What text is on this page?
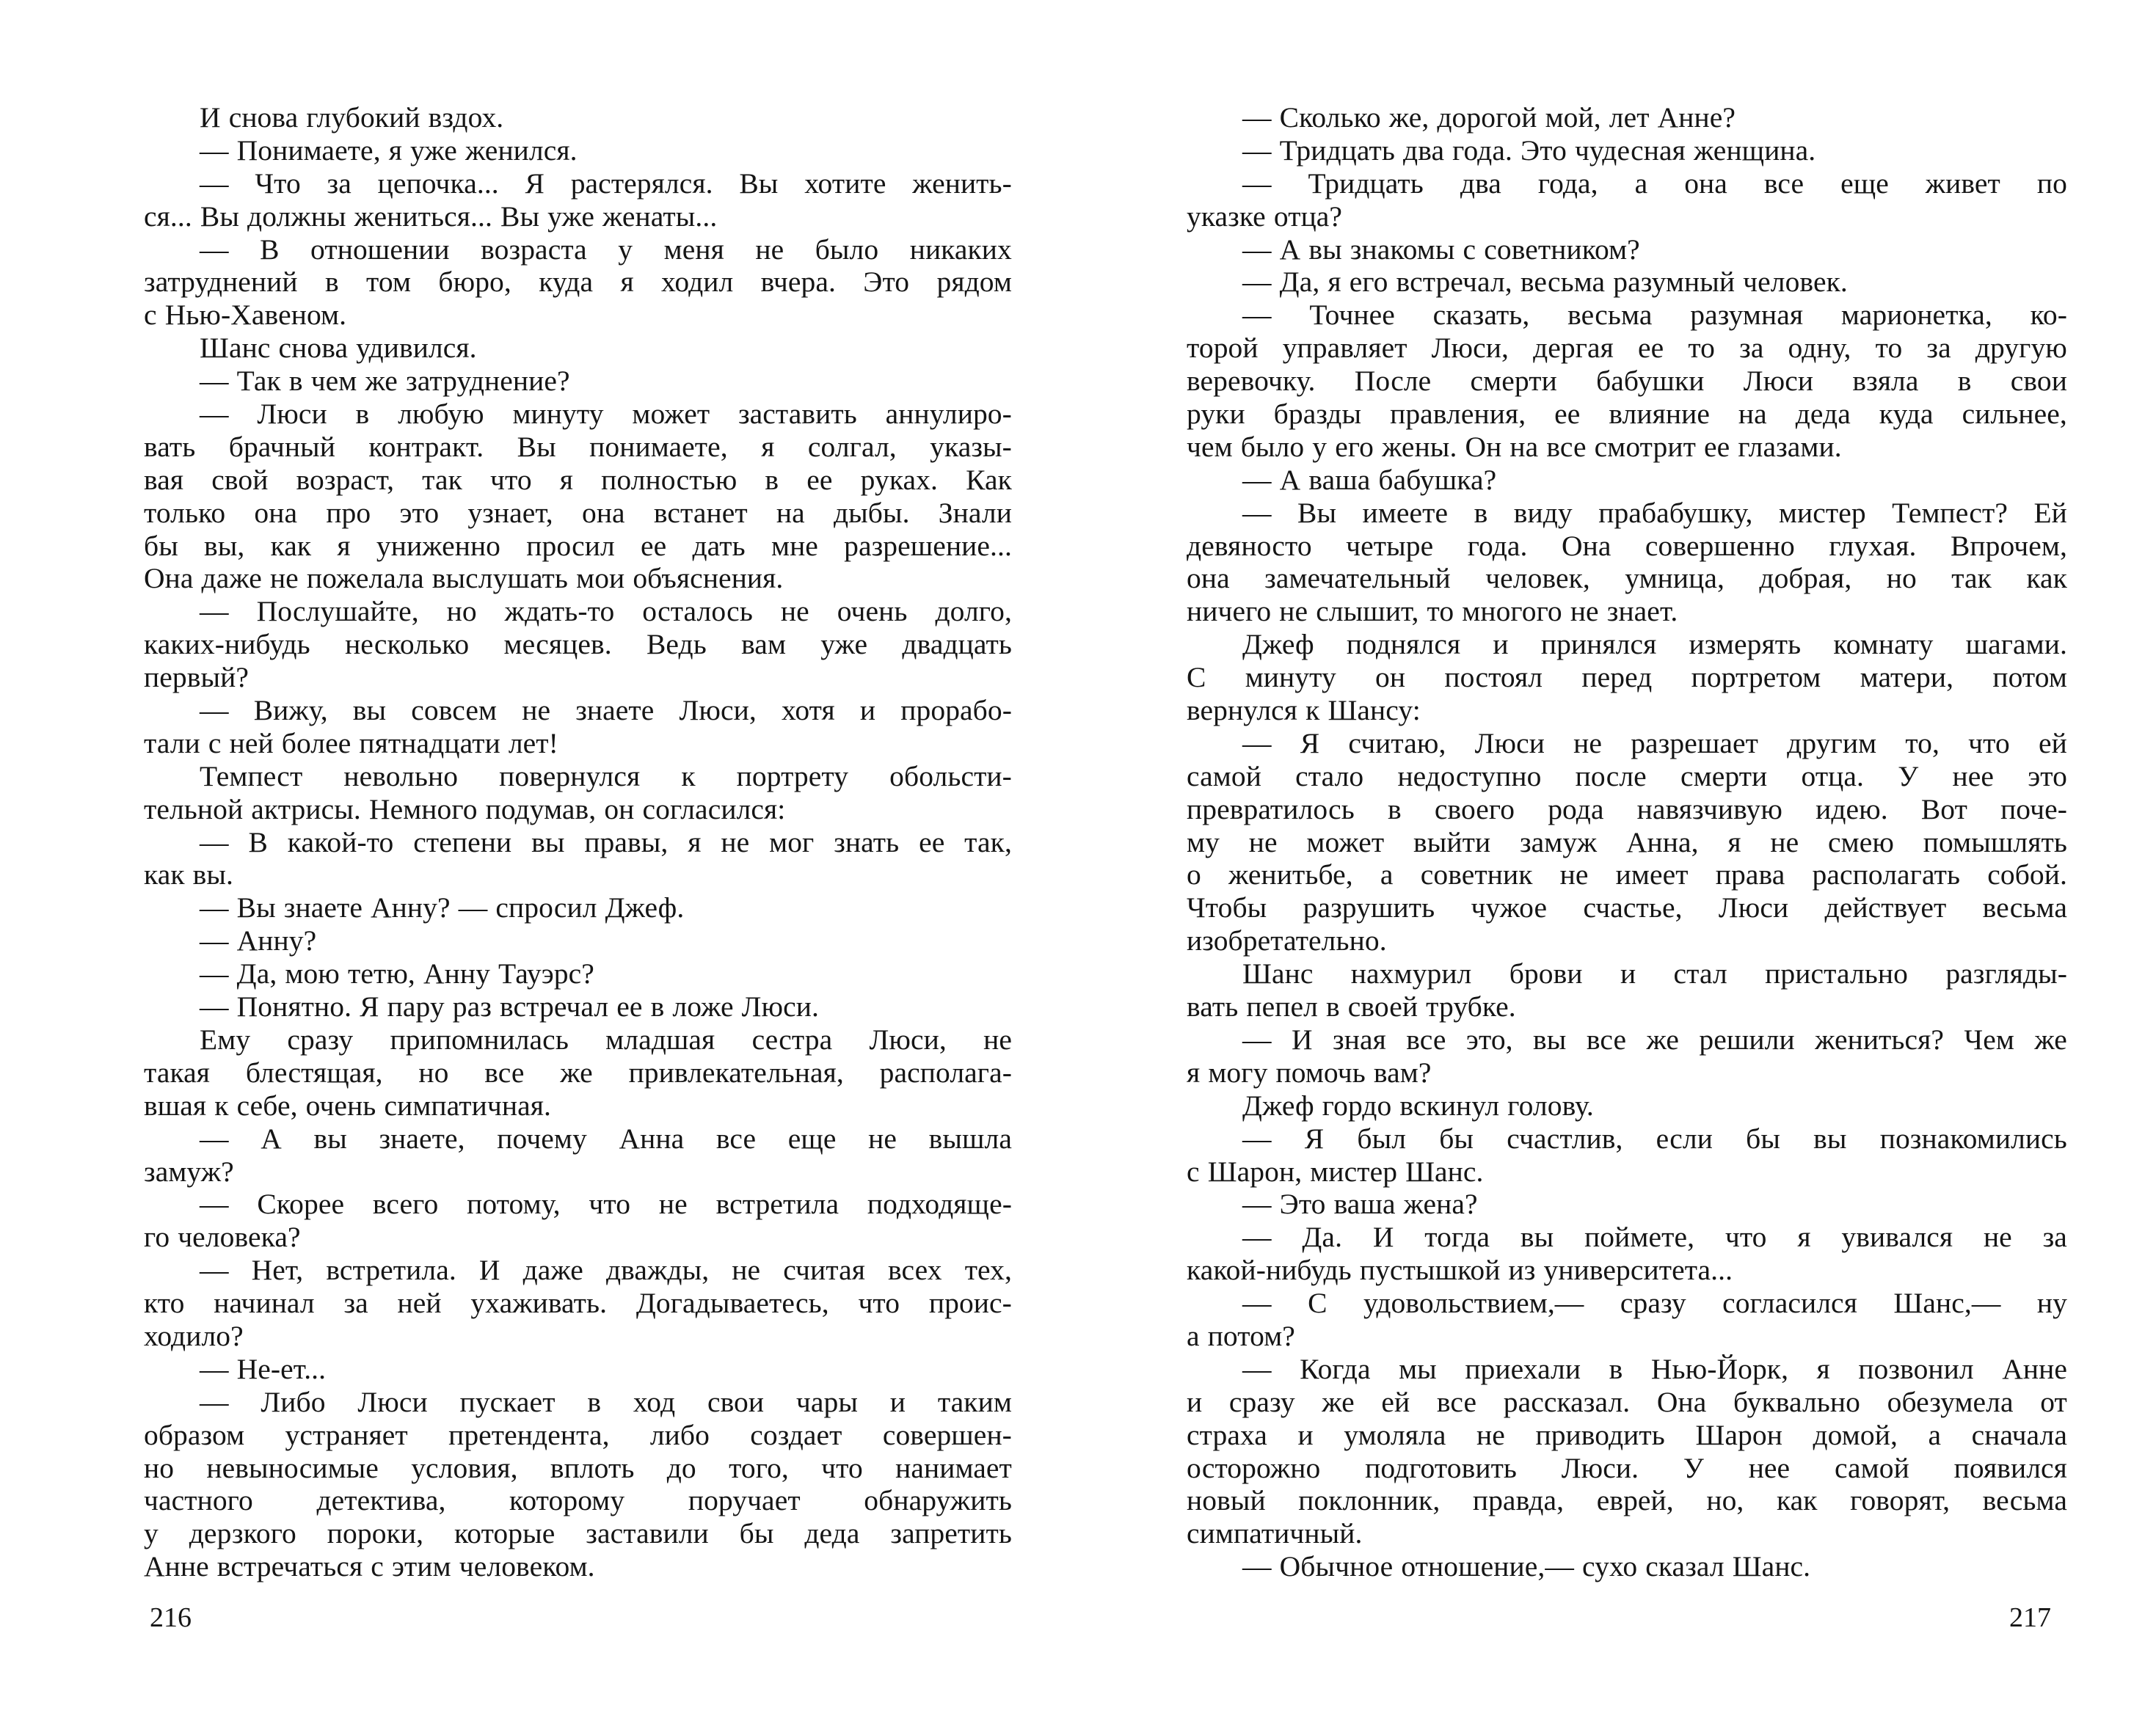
И снова глубокий вздох.
— Понимаете, я уже женился.
— Что за цепочка... Я растерялся. Вы хотите женить-
ся... Вы должны жениться... Вы уже женаты...
— В отношении возраста у меня не было никаких
затруднений в том бюро, куда я ходил вчера. Это рядом
с Нью-Хавеном.
Шанс снова удивился.
— Так в чем же затруднение?
— Люси в любую минуту может заставить аннулиро-
вать брачный контракт. Вы понимаете, я солгал, указы-
вая свой возраст, так что я полностью в ее руках. Как
только она про это узнает, она встанет на дыбы. Знали
бы вы, как я униженно просил ее дать мне разрешение...
Она даже не пожелала выслушать мои объяснения.
— Послушайте, но ждать-то осталось не очень долго,
каких-нибудь несколько месяцев. Ведь вам уже двадцать
первый?
— Вижу, вы совсем не знаете Люси, хотя и прорабо-
тали с ней более пятнадцати лет!
Темпест невольно повернулся к портрету обольсти-
тельной актрисы. Немного подумав, он согласился:
— В какой-то степени вы правы, я не мог знать ее так,
как вы.
— Вы знаете Анну? — спросил Джеф.
— Анну?
— Да, мою тетю, Анну Тауэрс?
— Понятно. Я пару раз встречал ее в ложе Люси.
Ему сразу припомнилась младшая сестра Люси, не
такая блестящая, но все же привлекательная, располага-
вшая к себе, очень симпатичная.
— А вы знаете, почему Анна все еще не вышла
замуж?
— Скорее всего потому, что не встретила подходяще-
го человека?
— Нет, встретила. И даже дважды, не считая всех тех,
кто начинал за ней ухаживать. Догадываетесь, что проис-
ходило?
— Не-ет...
— Либо Люси пускает в ход свои чары и таким
образом устраняет претендента, либо создает совершен-
но невыносимые условия, вплоть до того, что нанимает
частного детектива, которому поручает обнаружить
у дерзкого пороки, которые заставили бы деда запретить
Анне встречаться с этим человеком.
216
— Сколько же, дорогой мой, лет Анне?
— Тридцать два года. Это чудесная женщина.
— Тридцать два года, а она все еще живет по
указке отца?
— А вы знакомы с советником?
— Да, я его встречал, весьма разумный человек.
— Точнее сказать, весьма разумная марионетка, ко-
торой управляет Люси, дергая ее то за одну, то за другую
веревочку. После смерти бабушки Люси взяла в свои
руки бразды правления, ее влияние на деда куда сильнее,
чем было у его жены. Он на все смотрит ее глазами.
— А ваша бабушка?
— Вы имеете в виду прабабушку, мистер Темпест? Ей
девяносто четыре года. Она совершенно глухая. Впрочем,
она замечательный человек, умница, добрая, но так как
ничего не слышит, то многого не знает.
Джеф поднялся и принялся измерять комнату шагами.
С минуту он постоял перед портретом матери, потом
вернулся к Шансу:
— Я считаю, Люси не разрешает другим то, что ей
самой стало недоступно после смерти отца. У нее это
превратилось в своего рода навязчивую идею. Вот поче-
му не может выйти замуж Анна, я не смею помышлять
о женитьбе, а советник не имеет права располагать собой.
Чтобы разрушить чужое счастье, Люси действует весьма
изобретательно.
Шанс нахмурил брови и стал пристально разгляды-
вать пепел в своей трубке.
— И зная все это, вы все же решили жениться? Чем же
я могу помочь вам?
Джеф гордо вскинул голову.
— Я был бы счастлив, если бы вы познакомились
с Шарон, мистер Шанс.
— Это ваша жена?
— Да. И тогда вы поймете, что я увивался не за
какой-нибудь пустышкой из университета...
— С удовольствием,— сразу согласился Шанс,— ну
а потом?
— Когда мы приехали в Нью-Йорк, я позвонил Анне
и сразу же ей все рассказал. Она буквально обезумела от
страха и умоляла не приводить Шарон домой, а сначала
осторожно подготовить Люси. У нее самой появился
новый поклонник, правда, еврей, но, как говорят, весьма
симпатичный.
— Обычное отношение,— сухо сказал Шанс.
217
